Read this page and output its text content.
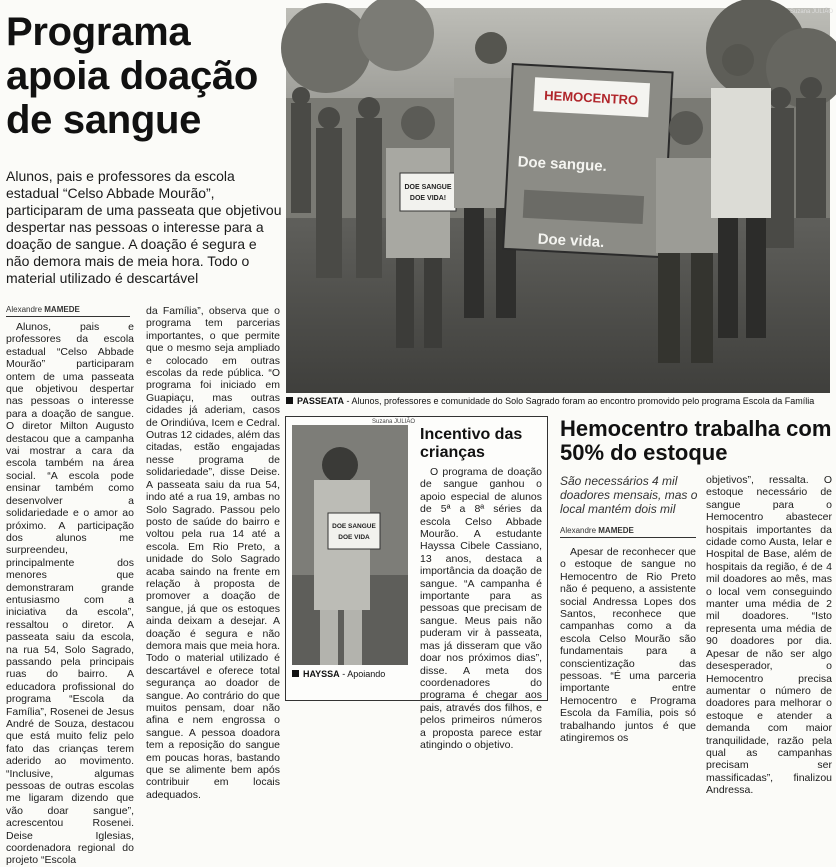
Programa apoia doação de sangue
Alunos, pais e professores da escola estadual “Celso Abbade Mourão”, participaram de uma passeata que objetivou despertar nas pessoas o interesse para a doação de sangue. A doação é segura e não demora mais de meia hora. Todo o material utilizado é descartável
Alexandre MAMEDE

Alunos, pais e professores da escola estadual “Celso Abbade Mourão” participaram ontem de uma passeata que objetivou despertar nas pessoas o interesse para a doação de sangue. O diretor Milton Augusto destacou que a campanha vai mostrar a cara da escola também na área social. “A escola pode ensinar também como desenvolver a solidariedade e o amor ao próximo. A participação dos alunos me surpreendeu, principalmente dos menores que demonstraram grande entusiasmo com a iniciativa da escola”, ressaltou o diretor. A passeata saiu da escola, na rua 54, Solo Sagrado, passando pela principais ruas do bairro. A educadora profissional do programa “Escola da Família”, Rosenei de Jesus André de Souza, destacou que está muito feliz pelo fato das crianças terem aderido ao movimento. “Inclusive, algumas pessoas de outras escolas me ligaram dizendo que vão doar sangue”, acrescentou Rosenei. Deise Iglesias, coordenadora regional do projeto “Escola

da Família”, observa que o programa tem parcerias importantes, o que permite que o mesmo seja ampliado e colocado em outras escolas da rede pública. “O programa foi iniciado em Guapiaçu, mas outras cidades já aderiam, casos de Orindiúva, Icem e Cedral. Outras 12 cidades, além das citadas, estão engajadas nesse programa de solidariedade”, disse Deise. A passeata saiu da rua 54, indo até a rua 19, ambas no Solo Sagrado. Passou pelo posto de saúde do bairro e voltou pela rua 14 até a escola. Em Rio Preto, a unidade do Solo Sagrado acaba saindo na frente em relação à proposta de promover a doação de sangue, já que os estoques ainda deixam a desejar. A doação é segura e não demora mais que meia hora. Todo o material utilizado é descartável e oferece total segurança ao doador de sangue. Ao contrário do que muitos pensam, doar não afina e nem engrossa o sangue. A pessoa doadora tem a reposição do sangue em poucas horas, bastando que se alimente bem após contribuir em locais adequados.

DOE SANGUE
DOE VIDA!
HEMOCENTRO
Doe sangue.
Doe vida.
Suzana JULIÃO
PASSEATA - Alunos, professores e comunidade do Solo Sagrado foram ao encontro promovido pelo programa Escola da Família
DOE SANGUE
DOE VIDA
Suzana JULIÃO
HAYSSA - Apoiando
Incentivo das crianças

O programa de doação de sangue ganhou o apoio especial de alunos de 5ª a 8ª séries da escola Celso Abbade Mourão. A estudante Hayssa Cibele Cassiano, 13 anos, destaca a importância da doação de sangue. “A campanha é importante para as pessoas que precisam de sangue. Meus pais não puderam vir à passeata, mas já disseram que vão doar nos próximos dias”, disse. A meta dos coordenadores do programa é chegar aos pais, através dos filhos, e pelos primeiros números a proposta parece estar atingindo o objetivo.

Hemocentro trabalha com 50% do estoque
São necessários 4 mil doadores mensais, mas o local mantém dois mil
Alexandre MAMEDE

Apesar de reconhecer que o estoque de sangue no Hemocentro de Rio Preto não é pequeno, a assistente social Andressa Lopes dos Santos, reconhece que campanhas como a da escola Celso Mourão são fundamentais para a conscientização das pessoas. “É uma parceria importante entre Hemocentro e Programa Escola da Família, pois só trabalhando juntos é que atingiremos os

objetivos”, ressalta. O estoque necessário de sangue para o Hemocentro abastecer hospitais importantes da cidade como Austa, Ielar e Hospital de Base, além de hospitais da região, é de 4 mil doadores ao mês, mas o local vem conseguindo manter uma média de 2 mil doadores. “Isto representa uma média de 90 doadores por dia. Apesar de não ser algo desesperador, o Hemocentro precisa aumentar o número de doadores para melhorar o estoque e atender a demanda com maior tranquilidade, razão pela qual as campanhas precisam ser massificadas”, finalizou Andressa.
